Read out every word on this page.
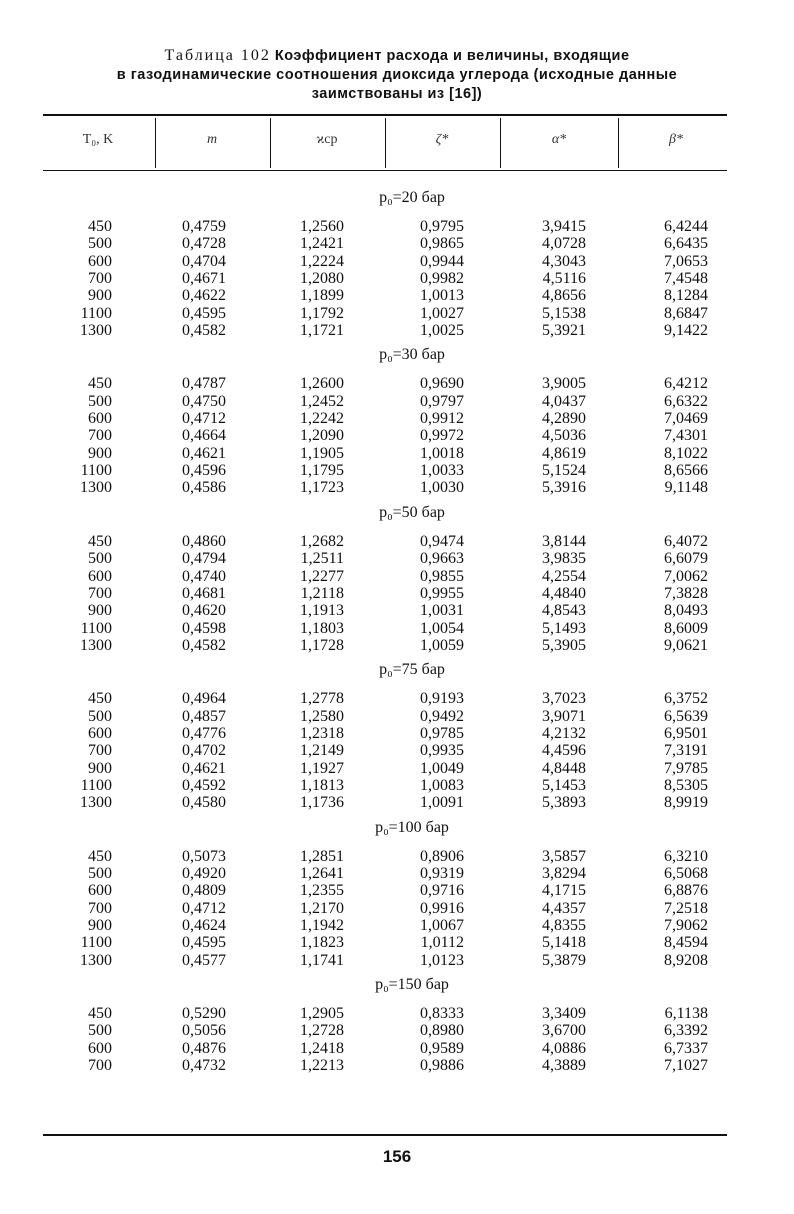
Таблица 102 Коэффициент расхода и величины, входящие
в газодинамические соотношения диоксида углерода (исходные данные
заимствованы из [16])
T₀, K	m	ϰср	ζ*	α*	β*
p₀=20 бар
450	0,4759	1,2560	0,9795	3,9415	6,4244
500	0,4728	1,2421	0,9865	4,0728	6,6435
600	0,4704	1,2224	0,9944	4,3043	7,0653
700	0,4671	1,2080	0,9982	4,5116	7,4548
900	0,4622	1,1899	1,0013	4,8656	8,1284
1100	0,4595	1,1792	1,0027	5,1538	8,6847
1300	0,4582	1,1721	1,0025	5,3921	9,1422
p₀=30 бар
450	0,4787	1,2600	0,9690	3,9005	6,4212
500	0,4750	1,2452	0,9797	4,0437	6,6322
600	0,4712	1,2242	0,9912	4,2890	7,0469
700	0,4664	1,2090	0,9972	4,5036	7,4301
900	0,4621	1,1905	1,0018	4,8619	8,1022
1100	0,4596	1,1795	1,0033	5,1524	8,6566
1300	0,4586	1,1723	1,0030	5,3916	9,1148
p₀=50 бар
450	0,4860	1,2682	0,9474	3,8144	6,4072
500	0,4794	1,2511	0,9663	3,9835	6,6079
600	0,4740	1,2277	0,9855	4,2554	7,0062
700	0,4681	1,2118	0,9955	4,4840	7,3828
900	0,4620	1,1913	1,0031	4,8543	8,0493
1100	0,4598	1,1803	1,0054	5,1493	8,6009
1300	0,4582	1,1728	1,0059	5,3905	9,0621
p₀=75 бар
450	0,4964	1,2778	0,9193	3,7023	6,3752
500	0,4857	1,2580	0,9492	3,9071	6,5639
600	0,4776	1,2318	0,9785	4,2132	6,9501
700	0,4702	1,2149	0,9935	4,4596	7,3191
900	0,4621	1,1927	1,0049	4,8448	7,9785
1100	0,4592	1,1813	1,0083	5,1453	8,5305
1300	0,4580	1,1736	1,0091	5,3893	8,9919
p₀=100 бар
450	0,5073	1,2851	0,8906	3,5857	6,3210
500	0,4920	1,2641	0,9319	3,8294	6,5068
600	0,4809	1,2355	0,9716	4,1715	6,8876
700	0,4712	1,2170	0,9916	4,4357	7,2518
900	0,4624	1,1942	1,0067	4,8355	7,9062
1100	0,4595	1,1823	1,0112	5,1418	8,4594
1300	0,4577	1,1741	1,0123	5,3879	8,9208
p₀=150 бар
450	0,5290	1,2905	0,8333	3,3409	6,1138
500	0,5056	1,2728	0,8980	3,6700	6,3392
600	0,4876	1,2418	0,9589	4,0886	6,7337
700	0,4732	1,2213	0,9886	4,3889	7,1027
156
